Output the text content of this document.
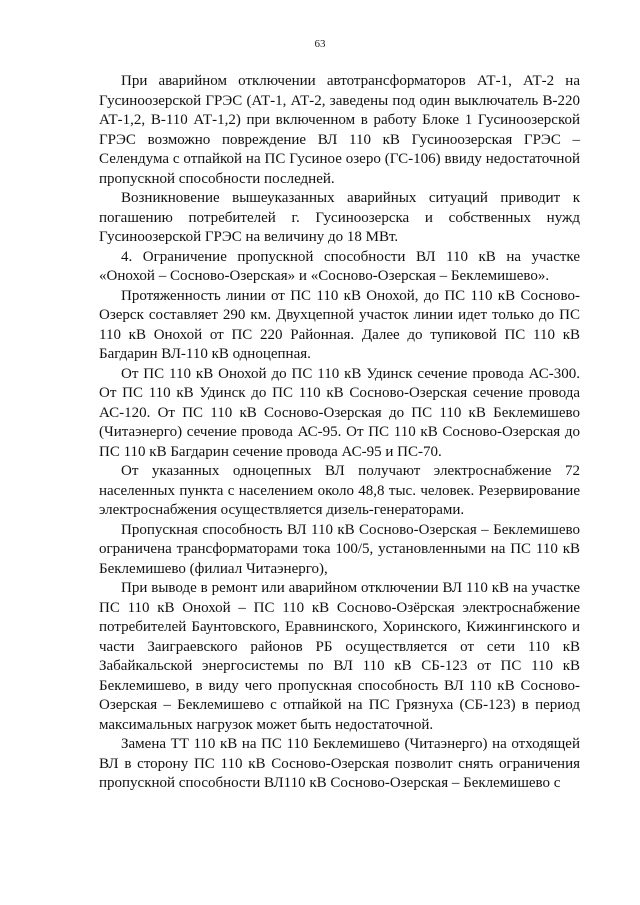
63

При аварийном отключении автотрансформаторов АТ-1, АТ-2 на Гусиноозерской ГРЭС (АТ-1, АТ-2, заведены под один выключатель В-220 АТ-1,2, В-110 АТ-1,2) при включенном в работу Блоке 1 Гусиноозерской ГРЭС возможно повреждение ВЛ 110 кВ Гусиноозерская ГРЭС – Селендума с отпайкой на ПС Гусиное озеро (ГС-106) ввиду недостаточной пропускной способности последней.

Возникновение вышеуказанных аварийных ситуаций приводит к погашению потребителей г. Гусиноозерска и собственных нужд Гусиноозерской ГРЭС на величину до 18 МВт.

4. Ограничение пропускной способности ВЛ 110 кВ на участке «Онохой – Сосново-Озерская» и «Сосново-Озерская – Беклемишево».

Протяженность линии от ПС 110 кВ Онохой, до ПС 110 кВ Сосново-Озерск составляет 290 км. Двухцепной участок линии идет только до ПС 110 кВ Онохой от ПС 220 Районная. Далее до тупиковой ПС 110 кВ Багдарин ВЛ-110 кВ одноцепная.

От ПС 110 кВ Онохой до ПС 110 кВ Удинск сечение провода АС-300. От ПС 110 кВ Удинск до ПС 110 кВ Сосново-Озерская сечение провода АС-120. От ПС 110 кВ Сосново-Озерская до ПС 110 кВ Беклемишево (Читаэнерго) сечение провода АС-95. От ПС 110 кВ Сосново-Озерская до ПС 110 кВ Багдарин сечение провода АС-95 и ПС-70.

От указанных одноцепных ВЛ получают электроснабжение 72 населенных пункта с населением около 48,8 тыс. человек. Резервирование электроснабжения осуществляется дизель-генераторами.

Пропускная способность ВЛ 110 кВ Сосново-Озерская – Беклемишево ограничена трансформаторами тока 100/5, установленными на ПС 110 кВ Беклемишево (филиал Читаэнерго),

При выводе в ремонт или аварийном отключении ВЛ 110 кВ на участке ПС 110 кВ Онохой – ПС 110 кВ Сосново-Озёрская электроснабжение потребителей Баунтовского, Еравнинского, Хоринского, Кижингинского и части Заиграевского районов РБ осуществляется от сети 110 кВ Забайкальской энергосистемы по ВЛ 110 кВ СБ-123 от ПС 110 кВ Беклемишево, в виду чего пропускная способность ВЛ 110 кВ Сосново-Озерская – Беклемишево с отпайкой на ПС Грязнуха (СБ-123) в период максимальных нагрузок может быть недостаточной.

Замена ТТ 110 кВ на ПС 110 Беклемишево (Читаэнерго) на отходящей ВЛ в сторону ПС 110 кВ Сосново-Озерская позволит снять ограничения пропускной способности ВЛ110 кВ Сосново-Озерская – Беклемишево с
